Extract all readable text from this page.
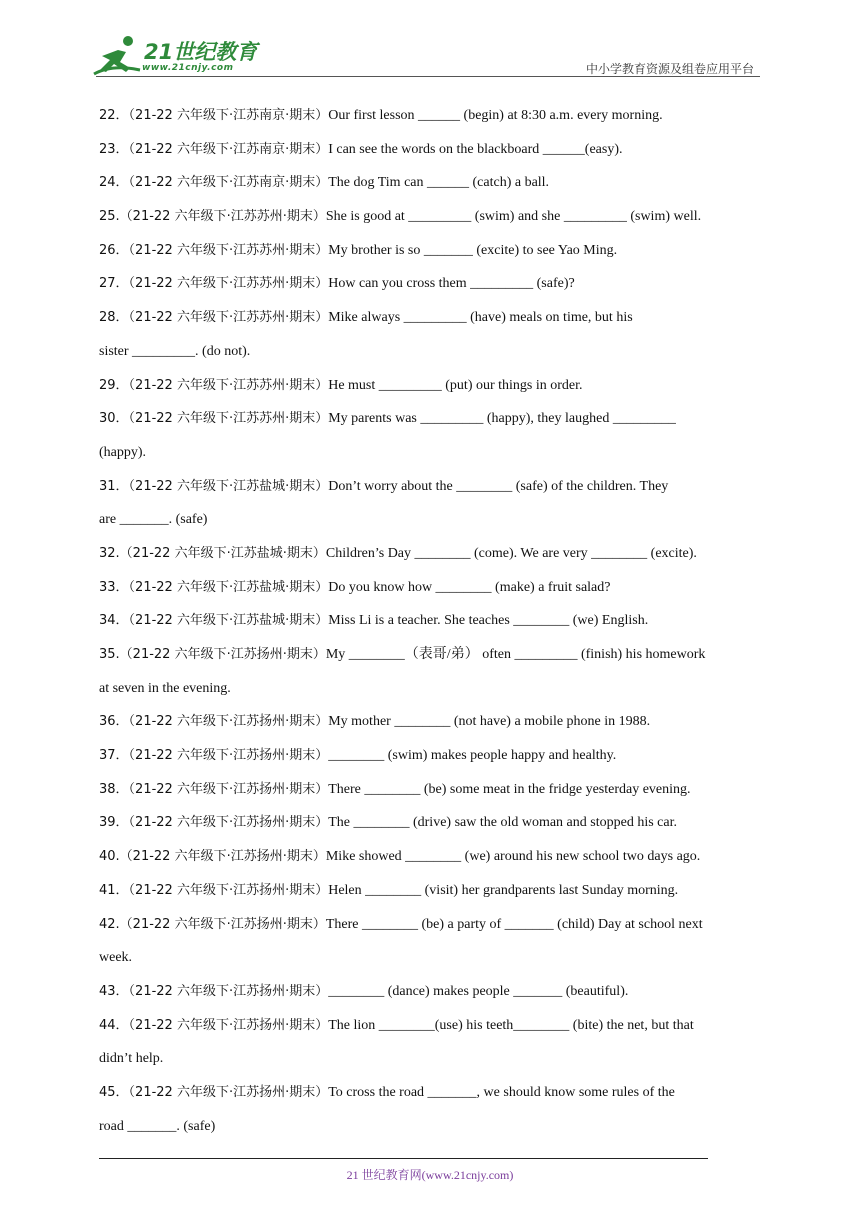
21世纪教育
www.21cnjy.com	中小学教育资源及组卷应用平台
22．（21-22 六年级下·江苏南京·期末）Our first lesson ______ (begin) at 8:30 a.m. every morning.
23．（21-22 六年级下·江苏南京·期末）I can see the words on the blackboard ______(easy).
24．（21-22 六年级下·江苏南京·期末）The dog Tim can ______ (catch) a ball.
25.（21-22 六年级下·江苏苏州·期末）She is good at _________ (swim) and she _________ (swim) well.
26．（21-22 六年级下·江苏苏州·期末）My brother is so _______ (excite) to see Yao Ming.
27．（21-22 六年级下·江苏苏州·期末）How can you cross them _________ (safe)?
28．（21-22 六年级下·江苏苏州·期末）Mike always _________ (have) meals on time, but his
sister _________. (do not).
29．（21-22 六年级下·江苏苏州·期末）He must _________ (put) our things in order.
30．（21-22 六年级下·江苏苏州·期末）My parents was _________ (happy), they laughed _________
(happy).
31．（21-22 六年级下·江苏盐城·期末）Don’t worry about the ________ (safe) of the children. They
are _______. (safe)
32.（21-22 六年级下·江苏盐城·期末）Children’s Day ________ (come). We are very ________ (excite).
33．（21-22 六年级下·江苏盐城·期末）Do you know how ________ (make) a fruit salad?
34．（21-22 六年级下·江苏盐城·期末）Miss Li is a teacher. She teaches ________ (we) English.
35.（21-22 六年级下·江苏扬州·期末）My ________（表哥/弟） often _________ (finish) his homework
at seven in the evening.
36．（21-22 六年级下·江苏扬州·期末）My mother ________ (not have) a mobile phone in 1988.
37．（21-22 六年级下·江苏扬州·期末）________ (swim) makes people happy and healthy.
38．（21-22 六年级下·江苏扬州·期末）There ________ (be) some meat in the fridge yesterday evening.
39．（21-22 六年级下·江苏扬州·期末）The ________ (drive) saw the old woman and stopped his car.
40.（21-22 六年级下·江苏扬州·期末）Mike showed ________ (we) around his new school two days ago.
41．（21-22 六年级下·江苏扬州·期末）Helen ________ (visit) her grandparents last Sunday morning.
42.（21-22 六年级下·江苏扬州·期末）There ________ (be) a party of _______ (child) Day at school next
week.
43．（21-22 六年级下·江苏扬州·期末）________ (dance) makes people _______ (beautiful).
44．（21-22 六年级下·江苏扬州·期末）The lion ________(use) his teeth________ (bite) the net, but that
didn’t help.
45．（21-22 六年级下·江苏扬州·期末）To cross the road _______, we should know some rules of the
road _______. (safe)
21 世纪教育网(www.21cnjy.com)
